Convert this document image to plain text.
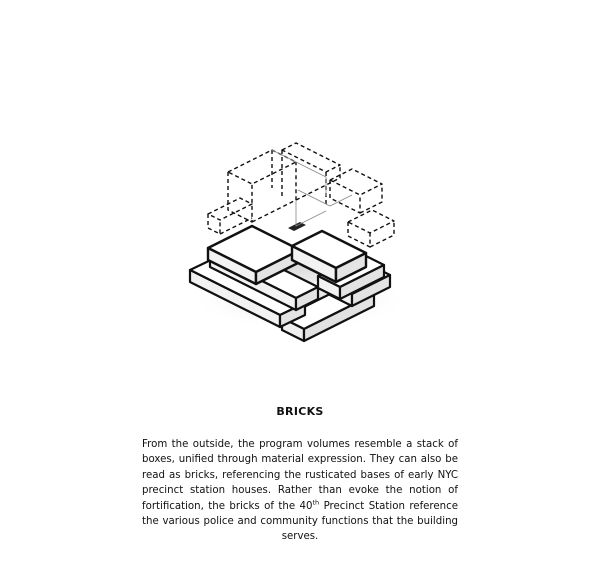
BRICKS
From the outside, the program volumes resemble a stack of boxes, unified through material expression. They can also be read as bricks, referencing the rusticated bases of early NYC precinct station houses. Rather than evoke the notion of fortification, the bricks of the 40th Precinct Station reference the various police and community functions that the building serves.
